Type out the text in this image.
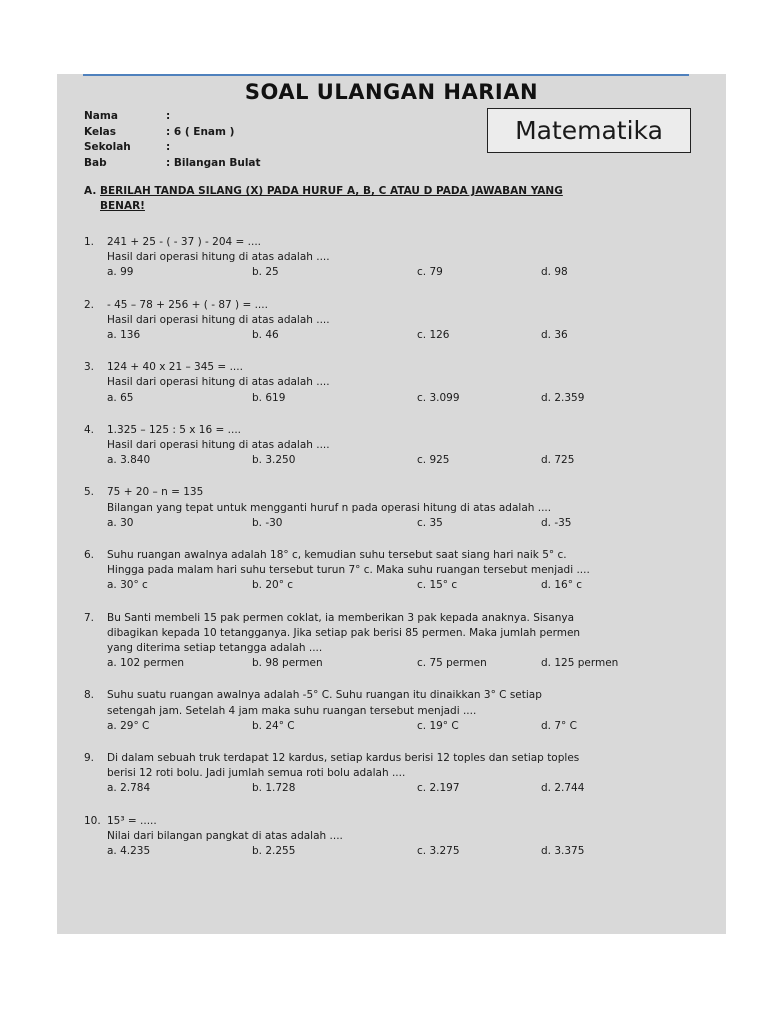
SOAL ULANGAN HARIAN
Nama	:
Kelas	: 6 ( Enam )
Sekolah	:
Bab	: Bilangan Bulat
Matematika
A. BERILAH TANDA SILANG (X) PADA HURUF A, B, C ATAU D PADA JAWABAN YANG
BENAR!
1.	241 + 25 - ( - 37 ) - 204 = ....
Hasil dari operasi hitung di atas adalah ....
a. 99	b. 25	c. 79	d. 98
2.	- 45 – 78 + 256 + ( - 87 ) = ....
Hasil dari operasi hitung di atas adalah ....
a. 136	b. 46	c. 126	d. 36
3.	124 + 40 x 21 – 345 = ....
Hasil dari operasi hitung di atas adalah ....
a. 65	b. 619	c. 3.099	d. 2.359
4.	1.325 – 125 : 5 x 16 = ....
Hasil dari operasi hitung di atas adalah ....
a. 3.840	b. 3.250	c. 925	d. 725
5.	75 + 20 – n = 135
Bilangan yang tepat untuk mengganti huruf n pada operasi hitung di atas adalah ....
a. 30	b. -30	c. 35	d. -35
6.	Suhu ruangan awalnya adalah 18° c, kemudian suhu tersebut saat siang hari naik 5° c.
Hingga pada malam hari suhu tersebut turun 7° c. Maka suhu ruangan tersebut menjadi ....
a. 30° c	b. 20° c	c. 15° c	d. 16° c
7.	Bu Santi membeli 15 pak permen coklat, ia memberikan 3 pak kepada anaknya. Sisanya
dibagikan kepada 10 tetangganya. Jika setiap pak berisi 85 permen. Maka jumlah permen
yang diterima setiap tetangga adalah ....
a. 102 permen	b. 98 permen	c. 75 permen	d. 125 permen
8.	Suhu suatu ruangan awalnya adalah -5° C. Suhu ruangan itu dinaikkan 3° C setiap
setengah jam. Setelah 4 jam maka suhu ruangan tersebut menjadi ....
a. 29° C	b. 24° C	c. 19° C	d. 7° C
9.	Di dalam sebuah truk terdapat 12 kardus, setiap kardus berisi 12 toples dan setiap toples
berisi 12 roti bolu. Jadi jumlah semua roti bolu adalah ....
a. 2.784	b. 1.728	c. 2.197	d. 2.744
10. 15³ = .....
Nilai dari bilangan pangkat di atas adalah ....
a. 4.235	b. 2.255	c. 3.275	d. 3.375
